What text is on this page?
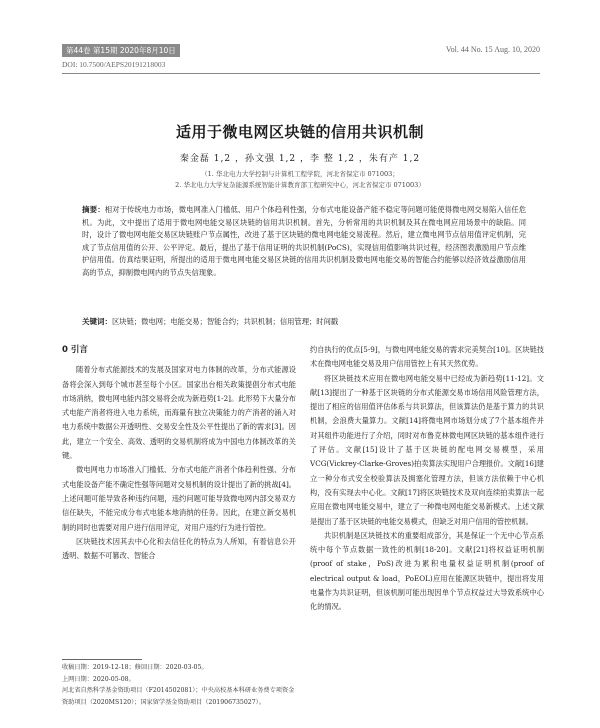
第44卷 第15期 2020年8月10日	Vol. 44 No. 15 Aug. 10, 2020
DOI: 10.7500/AEPS20191218003
适用于微电网区块链的信用共识机制
秦金磊 1,2 ，孙文强 1,2 ，李 整 1,2 ，朱有产 1,2
（1. 华北电力大学控制与计算机工程学院，河北省保定市 071003；
2. 华北电力大学复杂能源系统智能计算教育部工程研究中心，河北省保定市 071003）
摘要：相对于传统电力市场，微电网准入门槛低、用户个体趋利性强，分布式电能设备产能不稳定等问题可能使得微电网交易陷入信任危机。为此，文中提出了适用于微电网电能交易区块链的信用共识机制。首先，分析常用的共识机制及其在微电网应用场景中的缺陷。同时，设计了微电网电能交易区块链账户节点属性，改进了基于区块链的微电网电能交易流程。然后，建立微电网节点信用值评定机制，完成了节点信用值的公开、公平评定。最后，提出了基于信用证明的共识机制(PoCS)，实现信用值影响共识过程，经济图表激励用户节点维护信用值。仿真结果证明，所提出的适用于微电网电能交易区块链的信用共识机制及微电网电能交易的智能合约能够以经济效益激励信用高的节点，抑制微电网内的节点失信现象。
关键词：区块链；微电网；电能交易；智能合约；共识机制；信用管理；时间戳
0 引言

随着分布式能源技术的发展及国家对电力体制的改革，分布式能源设备将会深入到每个城市甚至每个小区。国家出台相关政策提倡分布式电能市场消纳，微电网电能内部交易将会成为新趋势[1-2]。此形势下大量分布式电能产消者将进入电力系统，而海量有独立决策能力的产消者的涌入对电力系统中数据公开透明性、交易安全性及公平性提出了新的需求[3]。因此，建立一个安全、高效、透明的交易机制将成为中国电力体制改革的关键。

微电网电力市场准入门槛低、分布式电能产消者个体趋利性强、分布式电能设备产能不确定性强等问题对交易机制的设计提出了新的挑战[4]。上述问题可能导致各种违约问题，违约问题可能导致微电网内部交易双方信任缺失，不能完成分布式电能本地消纳的任务。因此，在建立新交易机制的同时也需要对用户进行信用评定，对用户违约行为进行管控。

区块链技术因其去中心化和去信任化的特点为人所知，有着信息公开透明、数据不可篡改、智能合

约自执行的优点[5-9]，与微电网电能交易的需求完美契合[10]。区块链技术在微电网电能交易及用户信用管控上有其天然优势。

将区块链技术应用在微电网电能交易中已经成为新趋势[11-12]。文献[13]提出了一种基于区块链的分布式能源交易市场信用风险管理方法，提出了相应的信用值评估体系与共识算法，但该算法仍是基于算力的共识机制，会浪费大量算力。文献[14]将微电网市场划分成了7个基本组件并对其组件功能进行了介绍，同时对布鲁克林微电网区块链的基本组件进行了评估。文献[15]设计了基于区块链的配电网交易模型，采用VCG(Vickrey-Clarke-Groves)拍卖算法实现用户合理报价。文献[16]建立一种分布式安全校验算法及拥塞化管理方法，但该方法依赖于中心机构，没有实现去中心化。文献[17]将区块链技术及双向连续拍卖算法一起应用在微电网电能交易中，建立了一种微电网电能交易新模式。上述文献是提出了基于区块链的电能交易模式，但缺乏对用户信用的管控机制。

共识机制是区块链技术的重要组成部分，其是保证一个无中心节点系统中每个节点数据一致性的机制[18-20]。文献[21]将权益证明机制(proof of stake，PoS)改进为累积电量权益证明机制(proof of electrical output & load，PoEOL)应用在能源区块链中，提出将发用电量作为共识证明，但该机制可能出现因单个节点权益过大导致系统中心化的情况。

收稿日期：2019-12-18；修回日期：2020-03-05。
上网日期：2020-05-08。
河北省自然科学基金资助项目（F2014502081）；中央高校基本科研业务费专项资金资助项目（2020MS120）；国家留学基金资助项目（201906735027）。
